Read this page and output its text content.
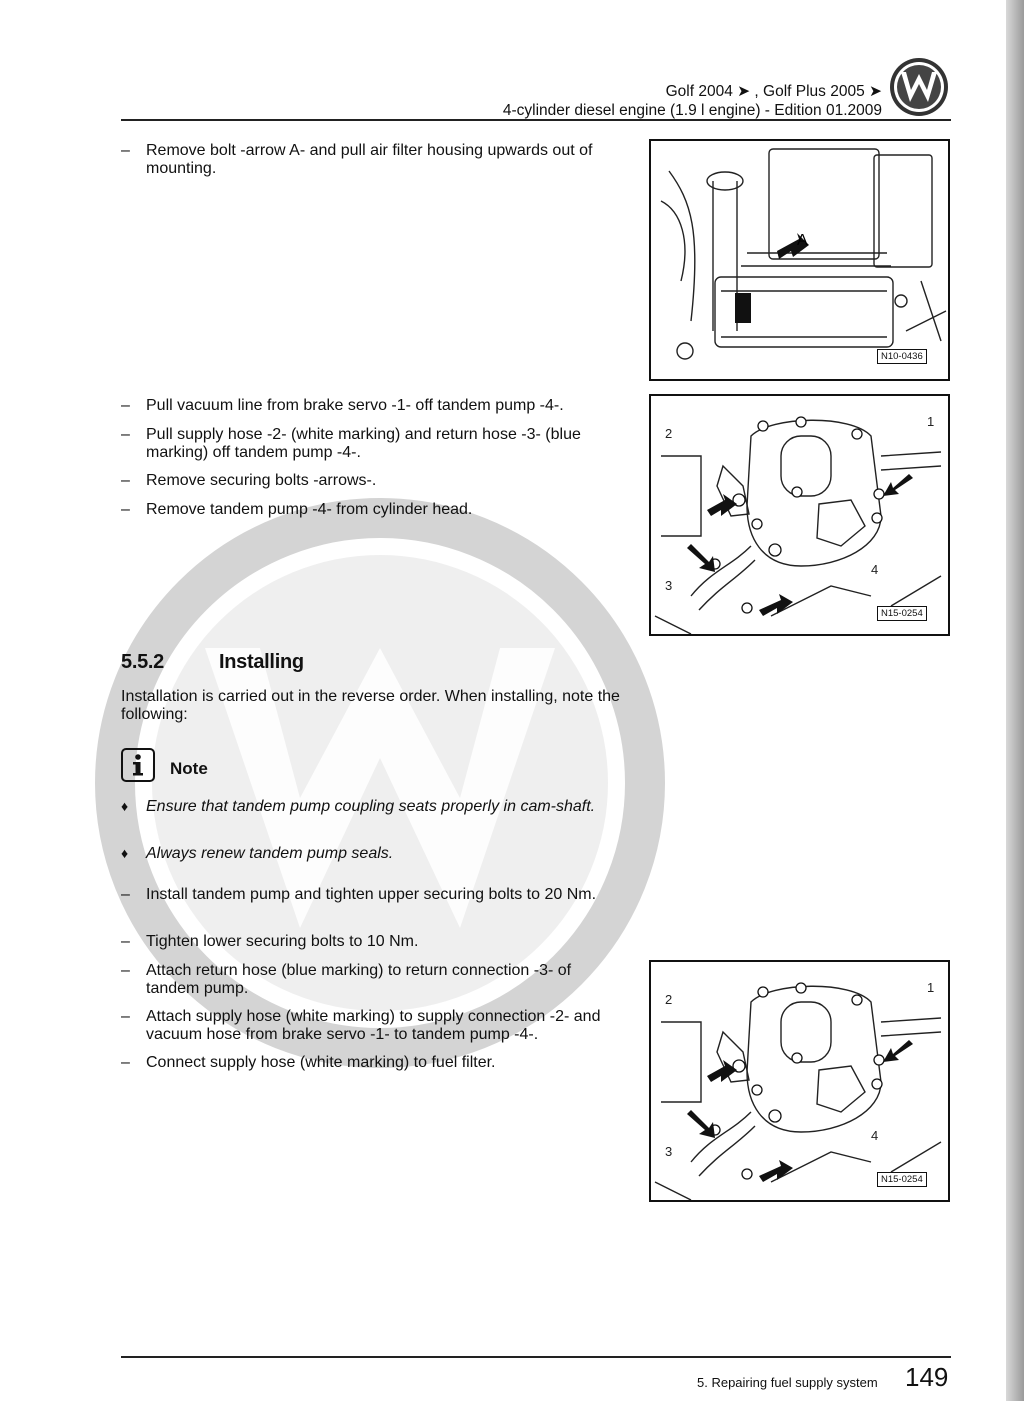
Golf 2004 ➤ , Golf Plus 2005 ➤
4-cylinder diesel engine (1.9 l engine) - Edition 01.2009
– Remove bolt -arrow A- and pull air filter housing upwards out of mounting.
– Pull vacuum line from brake servo -1- off tandem pump -4-.
– Pull supply hose -2- (white marking) and return hose -3- (blue marking) off tandem pump -4-.
– Remove securing bolts -arrows-.
– Remove tandem pump -4- from cylinder head.
A
N10-0436
1
2
3
4
N15-0254
5.5.2	Installing
Installation is carried out in the reverse order. When installing, note the following:
Note
♦ Ensure that tandem pump coupling seats properly in cam-shaft.
♦ Always renew tandem pump seals.
– Install tandem pump and tighten upper securing bolts to 20 Nm.
– Tighten lower securing bolts to 10 Nm.
– Attach return hose (blue marking) to return connection -3- of tandem pump.
– Attach supply hose (white marking) to supply connection -2- and vacuum hose from brake servo -1- to tandem pump -4-.
– Connect supply hose (white marking) to fuel filter.
1
2
3
4
N15-0254
5. Repairing fuel supply system 149
